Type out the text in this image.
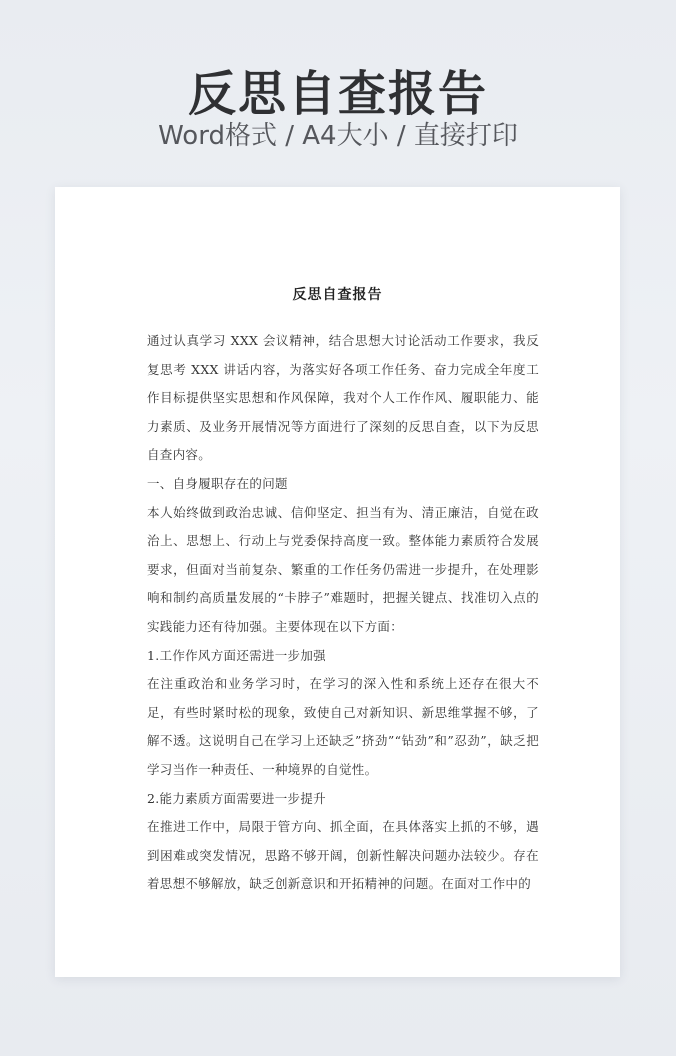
反思自查报告
Word格式 / A4大小 / 直接打印
反思自查报告

通过认真学习 XXX 会议精神，结合思想大讨论活动工作要求，我反复思考 XXX 讲话内容，为落实好各项工作任务、奋力完成全年度工作目标提供坚实思想和作风保障，我对个人工作作风、履职能力、能力素质、及业务开展情况等方面进行了深刻的反思自查，以下为反思自查内容。

一、自身履职存在的问题

本人始终做到政治忠诚、信仰坚定、担当有为、清正廉洁，自觉在政治上、思想上、行动上与党委保持高度一致。整体能力素质符合发展要求，但面对当前复杂、繁重的工作任务仍需进一步提升，在处理影响和制约高质量发展的“卡脖子”难题时，把握关键点、找准切入点的实践能力还有待加强。主要体现在以下方面：

1.工作作风方面还需进一步加强

在注重政治和业务学习时，在学习的深入性和系统上还存在很大不足，有些时紧时松的现象，致使自己对新知识、新思维掌握不够，了解不透。这说明自己在学习上还缺乏”挤劲”“钻劲”和”忍劲”，缺乏把学习当作一种责任、一种境界的自觉性。

2.能力素质方面需要进一步提升

在推进工作中，局限于管方向、抓全面，在具体落实上抓的不够，遇到困难或突发情况，思路不够开阔，创新性解决问题办法较少。存在着思想不够解放，缺乏创新意识和开拓精神的问题。在面对工作中的
